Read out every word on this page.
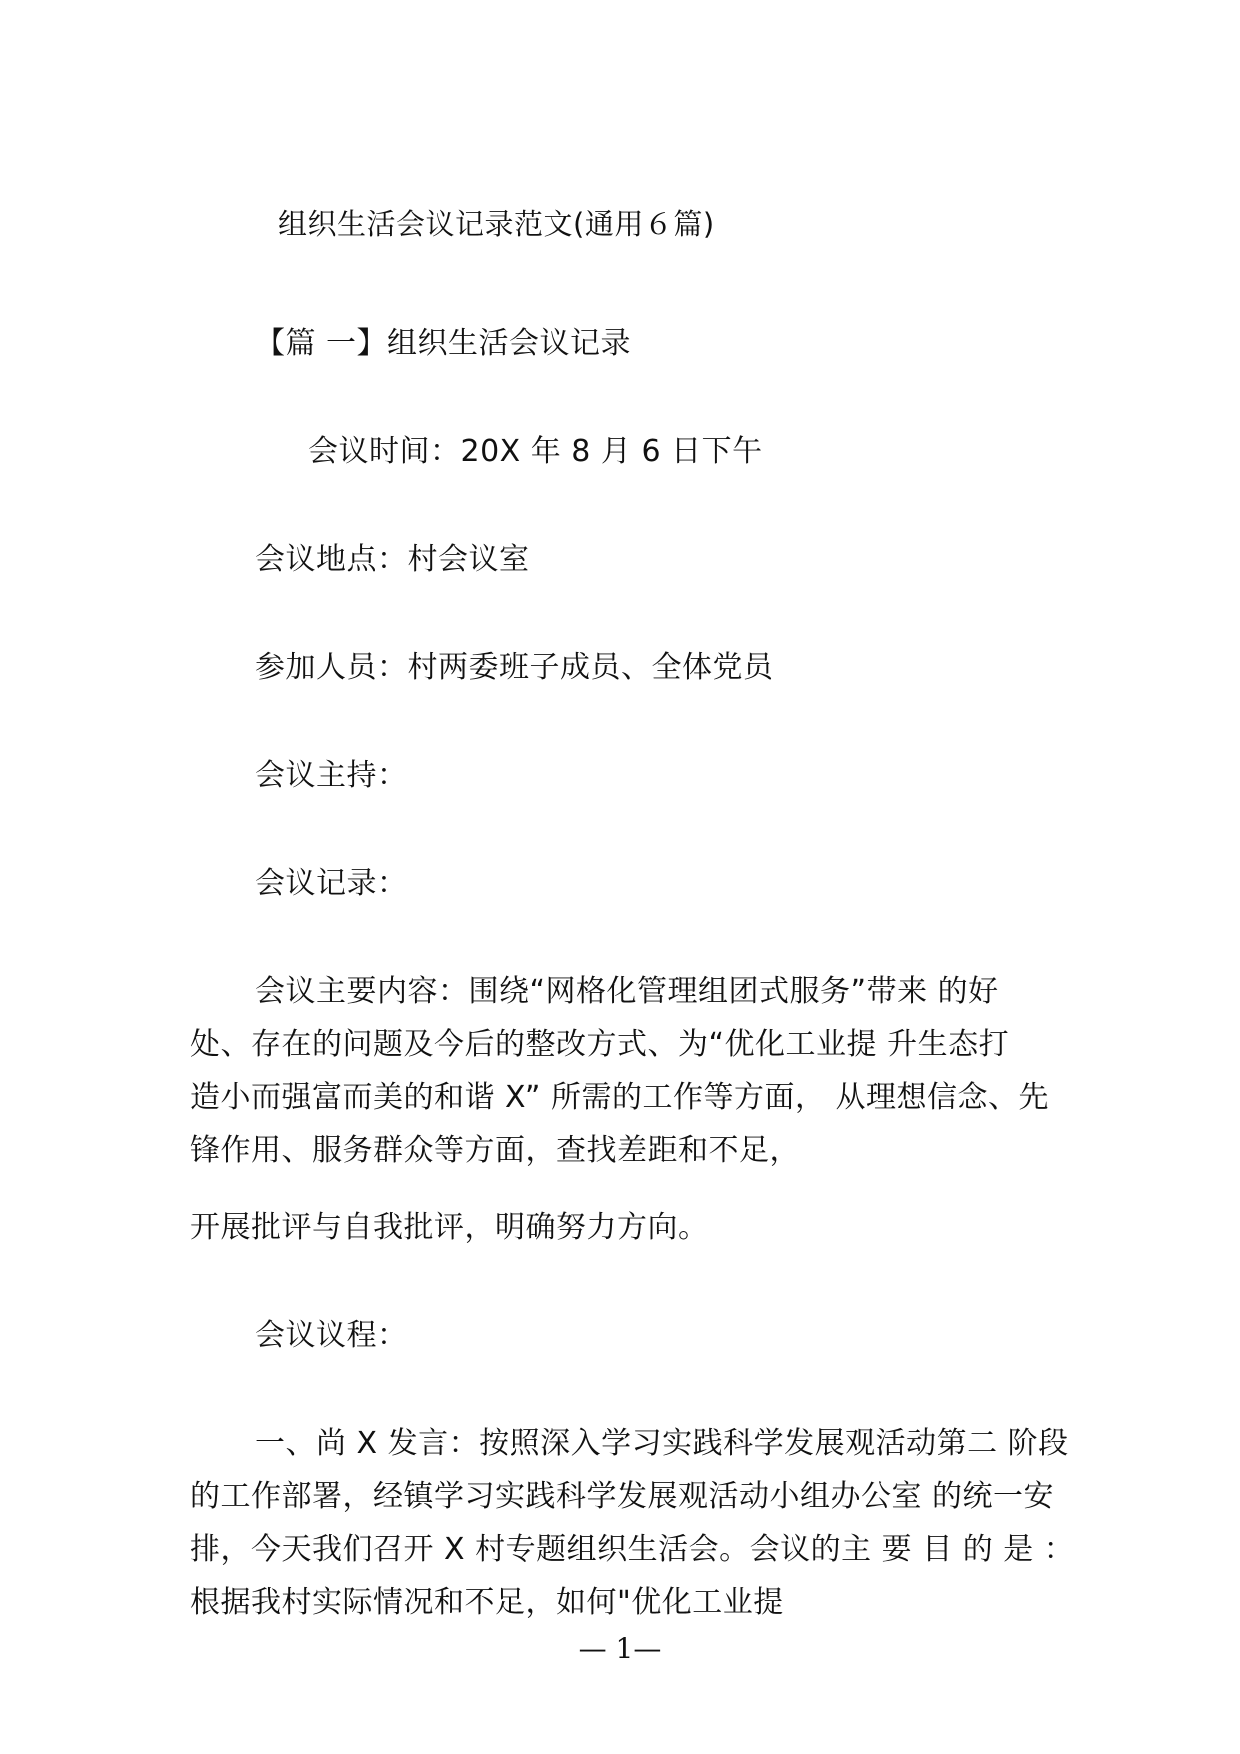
组织生活会议记录范文(通用６篇)
【篇 一】组织生活会议记录
会议时间：20X 年 8 月 6 日下午
会议地点：村会议室
参加人员：村两委班子成员、全体党员
会议主持：
会议记录：
会议主要内容：围绕“网格化管理组团式服务”带来 的好
处、存在的问题及今后的整改方式、为“优化工业提 升生态打
造小而强富而美的和谐 X” 所需的工作等方面， 从理想信念、先
锋作用、服务群众等方面，查找差距和不足，
开展批评与自我批评，明确努力方向。
会议议程：
一、尚 X 发言：按照深入学习实践科学发展观活动第二 阶段
的工作部署，经镇学习实践科学发展观活动小组办公室 的统一安
排，今天我们召开 X 村专题组织生活会。会议的主 要 目 的 是 ：
根据我村实际情况和不足，如何"优化工业提
— 1—
